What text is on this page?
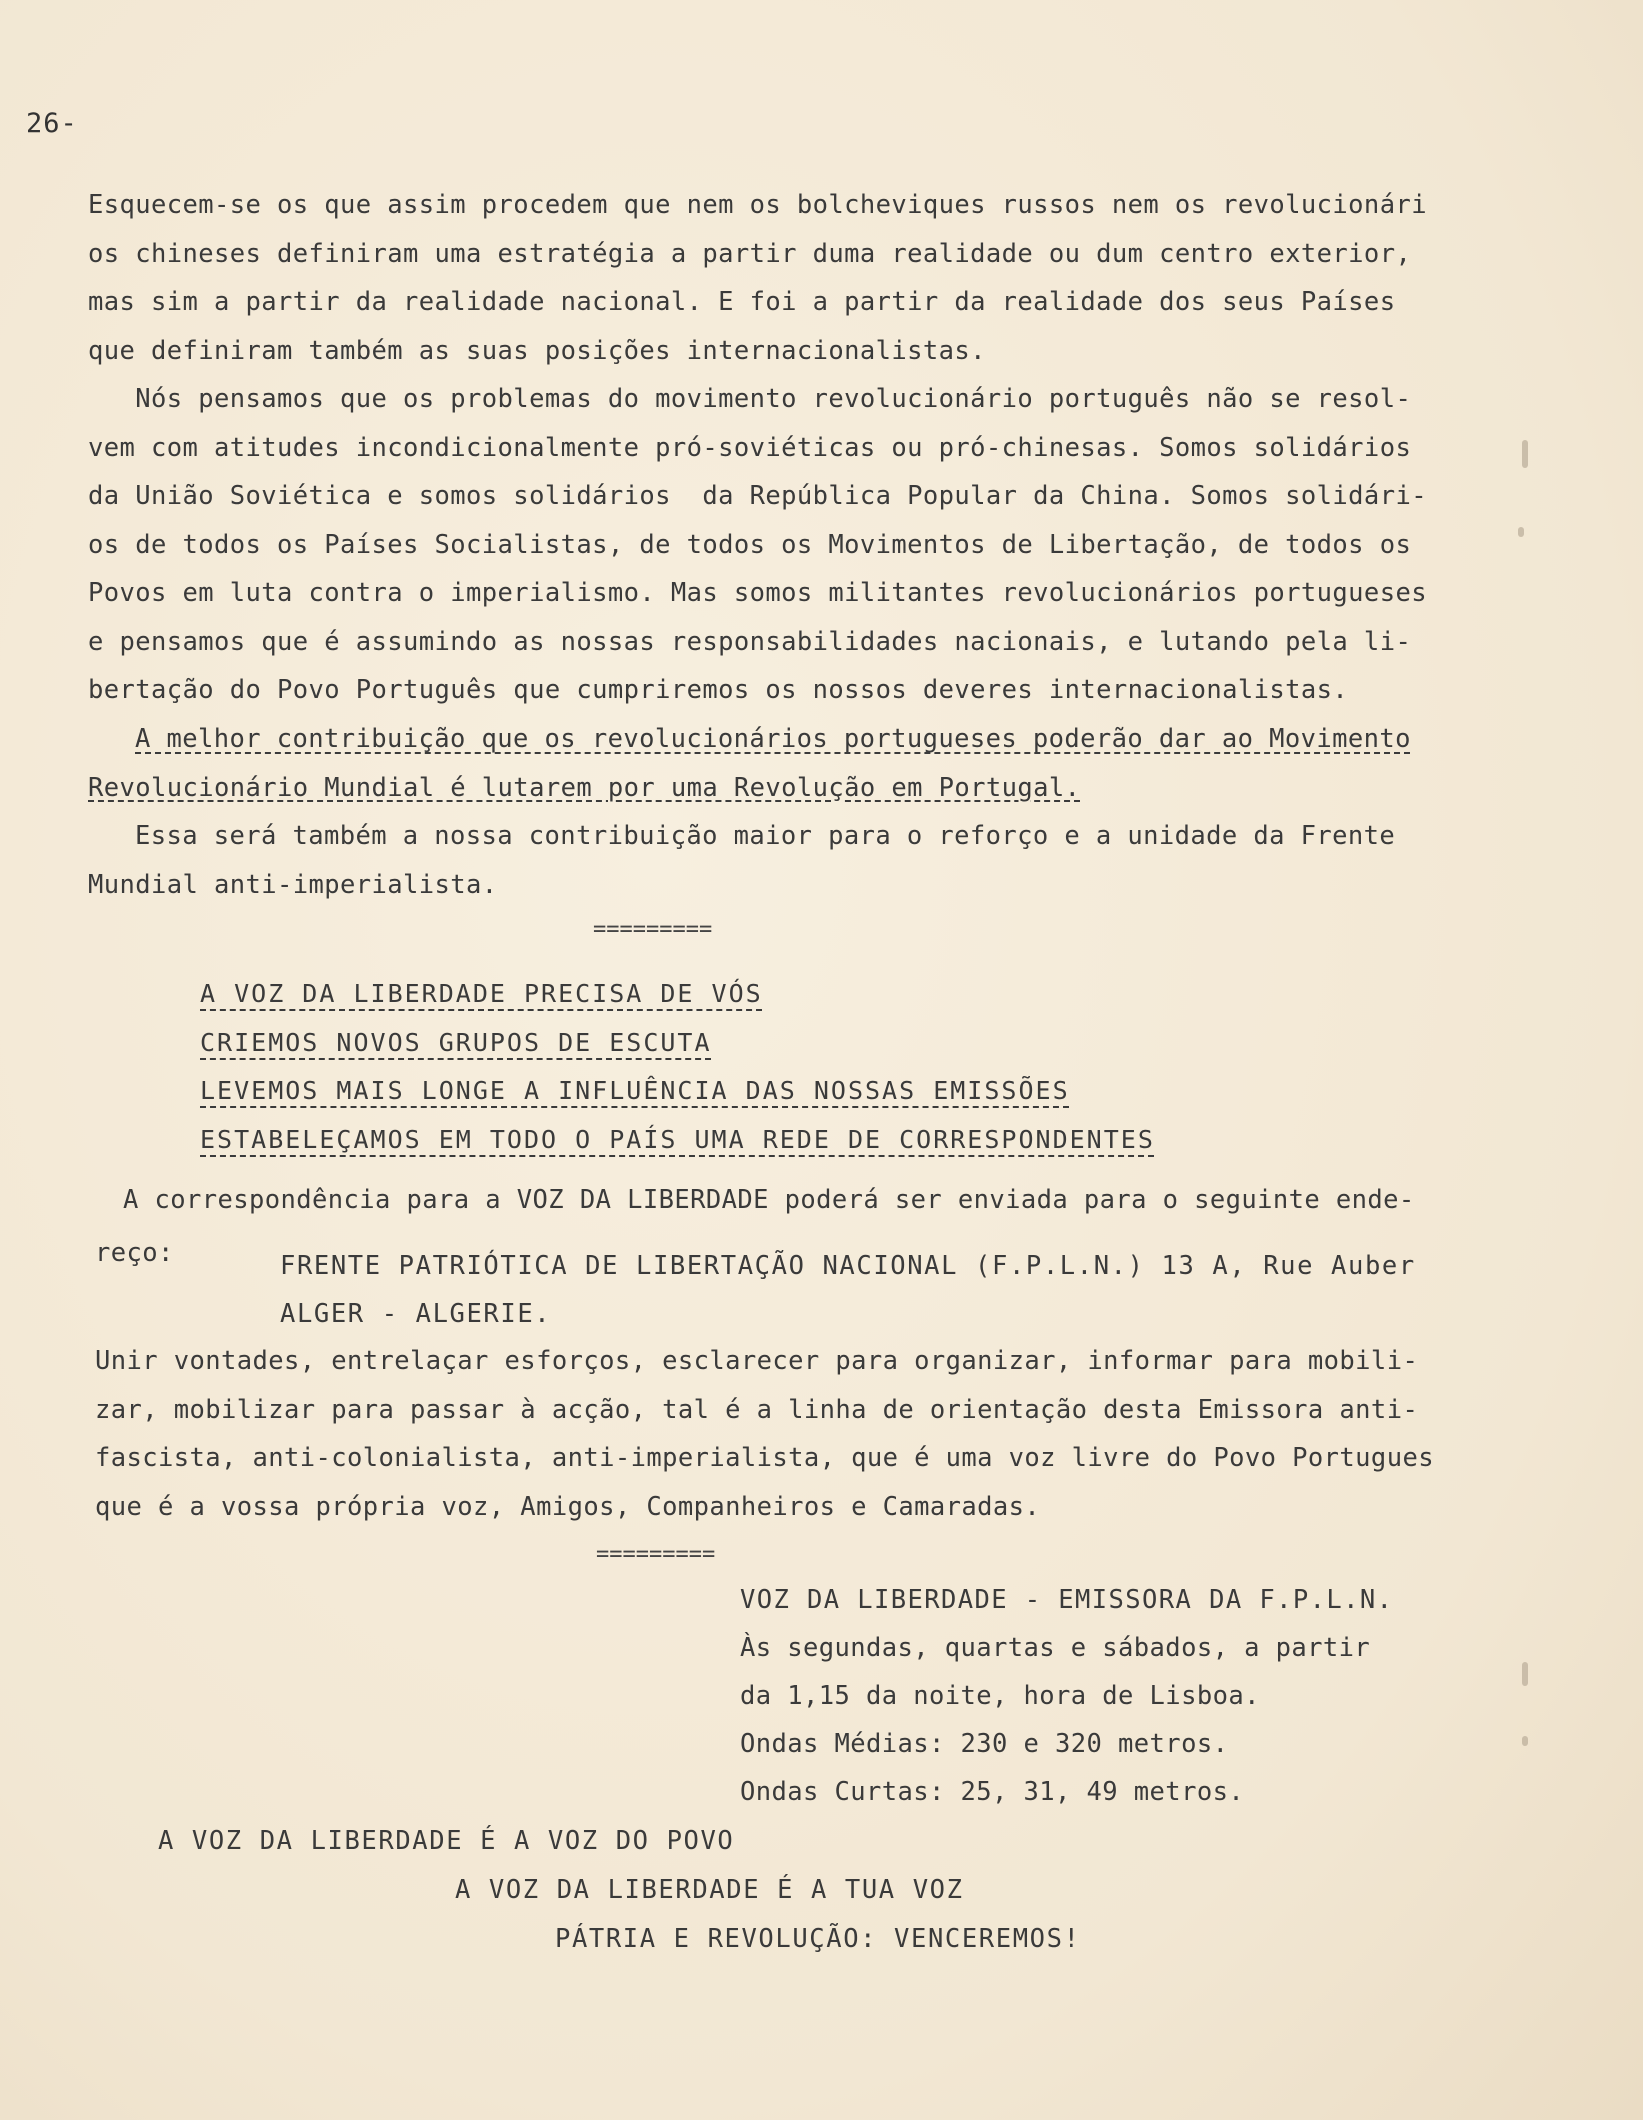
26-
Esquecem-se os que assim procedem que nem os bolcheviques russos nem os revolucionári
os chineses definiram uma estratégia a partir duma realidade ou dum centro exterior,
mas sim a partir da realidade nacional. E foi a partir da realidade dos seus Países
que definiram também as suas posições internacionalistas.
Nós pensamos que os problemas do movimento revolucionário português não se resol-
vem com atitudes incondicionalmente pró-soviéticas ou pró-chinesas. Somos solidários
da União Soviética e somos solidários  da República Popular da China. Somos solidári-
os de todos os Países Socialistas, de todos os Movimentos de Libertação, de todos os
Povos em luta contra o imperialismo. Mas somos militantes revolucionários portugueses
e pensamos que é assumindo as nossas responsabilidades nacionais, e lutando pela li-
bertação do Povo Português que cumpriremos os nossos deveres internacionalistas.
A melhor contribuição que os revolucionários portugueses poderão dar ao Movimento
Revolucionário Mundial é lutarem por uma Revolução em Portugal.
Essa será também a nossa contribuição maior para o reforço e a unidade da Frente
Mundial anti-imperialista.
=========
A VOZ DA LIBERDADE PRECISA DE VÓS
CRIEMOS NOVOS GRUPOS DE ESCUTA
LEVEMOS MAIS LONGE A INFLUÊNCIA DAS NOSSAS EMISSÕES
ESTABELEÇAMOS EM TODO O PAÍS UMA REDE DE CORRESPONDENTES
A correspondência para a VOZ DA LIBERDADE poderá ser enviada para o seguinte ende-
reço:	FRENTE PATRIÓTICA DE LIBERTAÇÃO NACIONAL (F.P.L.N.) 13 A, Rue Auber
ALGER - ALGERIE.
Unir vontades, entrelaçar esforços, esclarecer para organizar, informar para mobili-
zar, mobilizar para passar à acção, tal é a linha de orientação desta Emissora anti-
fascista, anti-colonialista, anti-imperialista, que é uma voz livre do Povo Portugues
que é a vossa própria voz, Amigos, Companheiros e Camaradas.
=========
VOZ DA LIBERDADE - EMISSORA DA F.P.L.N.
Às segundas, quartas e sábados, a partir
da 1,15 da noite, hora de Lisboa.
Ondas Médias: 230 e 320 metros.
Ondas Curtas: 25, 31, 49 metros.
A VOZ DA LIBERDADE É A VOZ DO POVO
A VOZ DA LIBERDADE É A TUA VOZ
PÁTRIA E REVOLUÇÃO: VENCEREMOS!
